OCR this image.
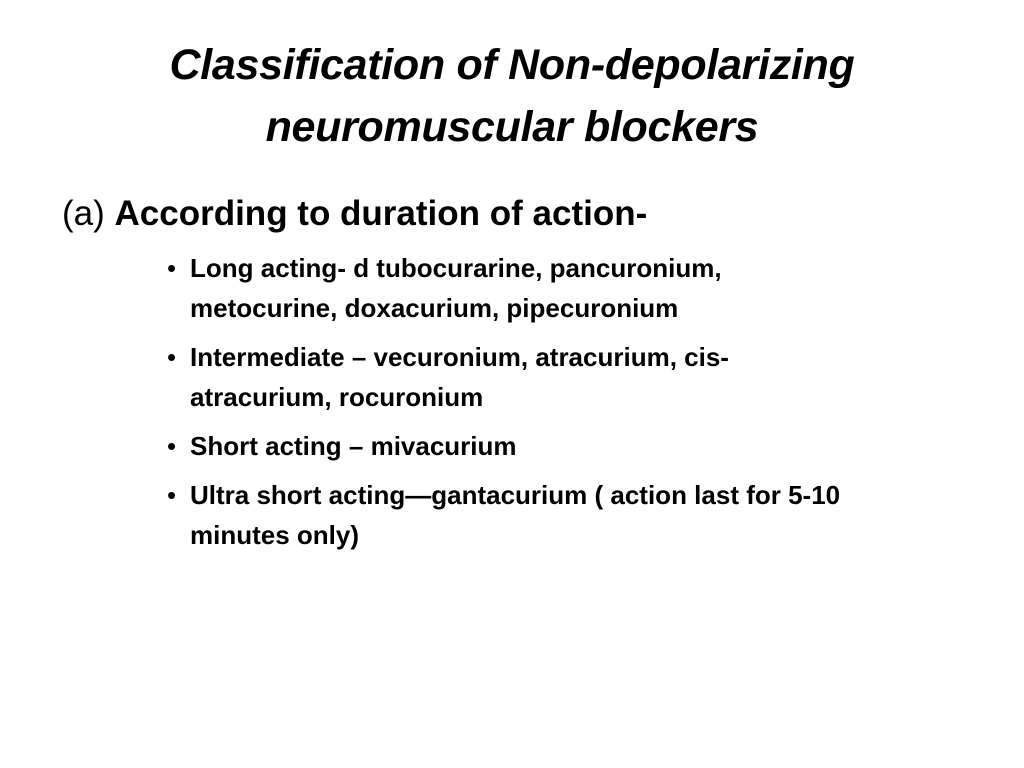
Classification of Non-depolarizing
neuromuscular blockers
(a) According to duration of action-
• Long acting- d tubocurarine, pancuronium,
metocurine, doxacurium, pipecuronium
• Intermediate – vecuronium, atracurium, cis-
atracurium, rocuronium
• Short acting – mivacurium
• Ultra short acting—gantacurium ( action last for 5-10
minutes only)
